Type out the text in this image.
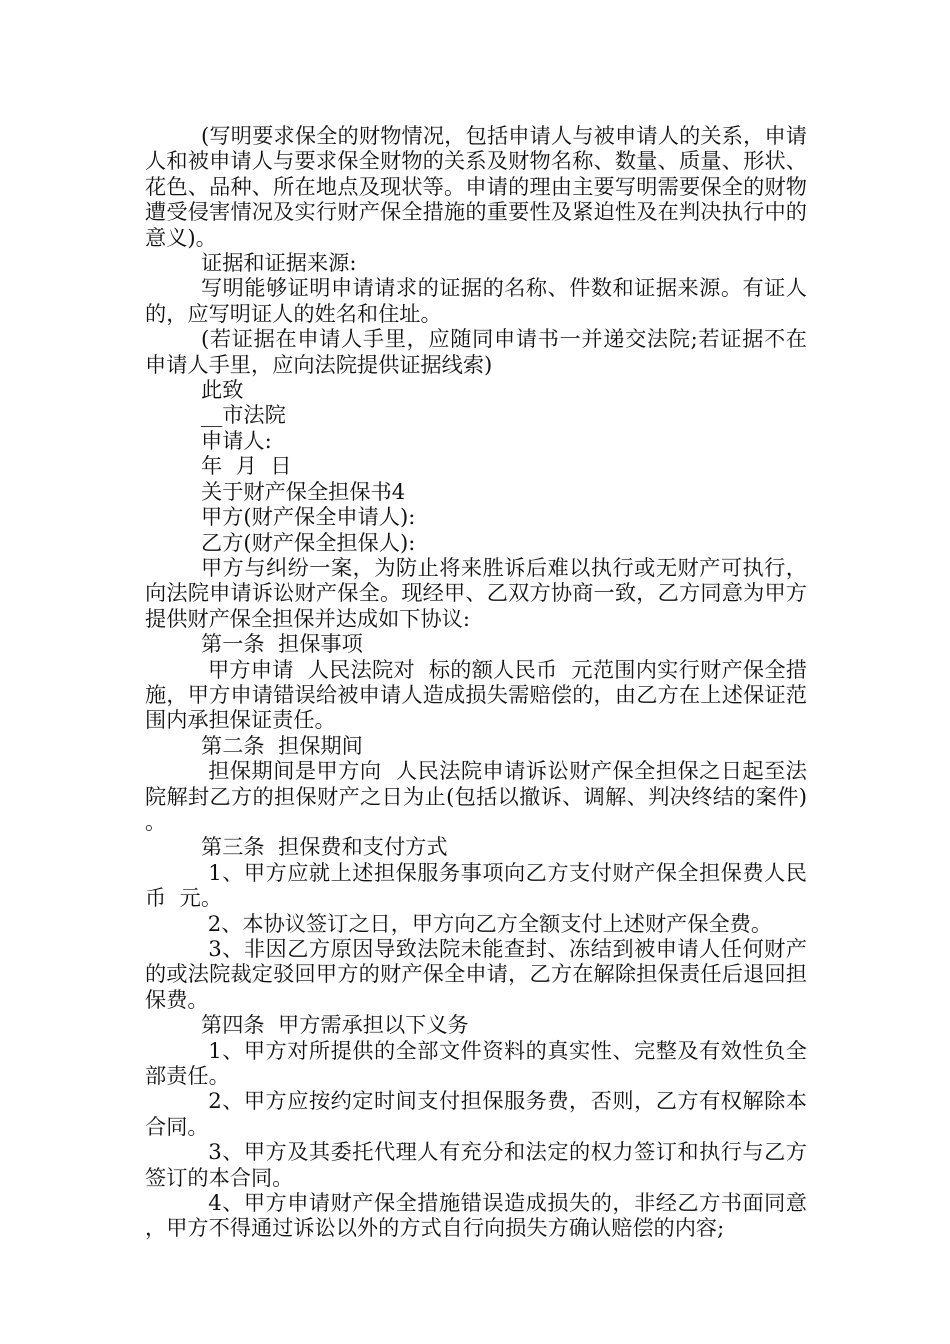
(写明要求保全的财物情况，包括申请人与被申请人的关系，申请人和被申请人与要求保全财物的关系及财物名称、数量、质量、形状、花色、品种、所在地点及现状等。申请的理由主要写明需要保全的财物遭受侵害情况及实行财产保全措施的重要性及紧迫性及在判决执行中的意义)。

证据和证据来源:

写明能够证明申请请求的证据的名称、件数和证据来源。有证人的，应写明证人的姓名和住址。

(若证据在申请人手里，应随同申请书一并递交法院;若证据不在申请人手里，应向法院提供证据线索)

此致

__市法院

申请人:

年  月  日

关于财产保全担保书4

甲方(财产保全申请人):

乙方(财产保全担保人):

甲方与纠纷一案，为防止将来胜诉后难以执行或无财产可执行，向法院申请诉讼财产保全。现经甲、乙双方协商一致，乙方同意为甲方提供财产保全担保并达成如下协议:

第一条  担保事项

甲方申请  人民法院对  标的额人民币  元范围内实行财产保全措施，甲方申请错误给被申请人造成损失需赔偿的，由乙方在上述保证范围内承担保证责任。

第二条  担保期间

担保期间是甲方向  人民法院申请诉讼财产保全担保之日起至法院解封乙方的担保财产之日为止(包括以撤诉、调解、判决终结的案件)。

第三条  担保费和支付方式

1、甲方应就上述担保服务事项向乙方支付财产保全担保费人民币  元。

2、本协议签订之日，甲方向乙方全额支付上述财产保全费。

3、非因乙方原因导致法院未能查封、冻结到被申请人任何财产的或法院裁定驳回甲方的财产保全申请，乙方在解除担保责任后退回担保费。

第四条  甲方需承担以下义务

1、甲方对所提供的全部文件资料的真实性、完整及有效性负全部责任。

2、甲方应按约定时间支付担保服务费，否则，乙方有权解除本合同。

3、甲方及其委托代理人有充分和法定的权力签订和执行与乙方签订的本合同。

4、甲方申请财产保全措施错误造成损失的，非经乙方书面同意，甲方不得通过诉讼以外的方式自行向损失方确认赔偿的内容;
